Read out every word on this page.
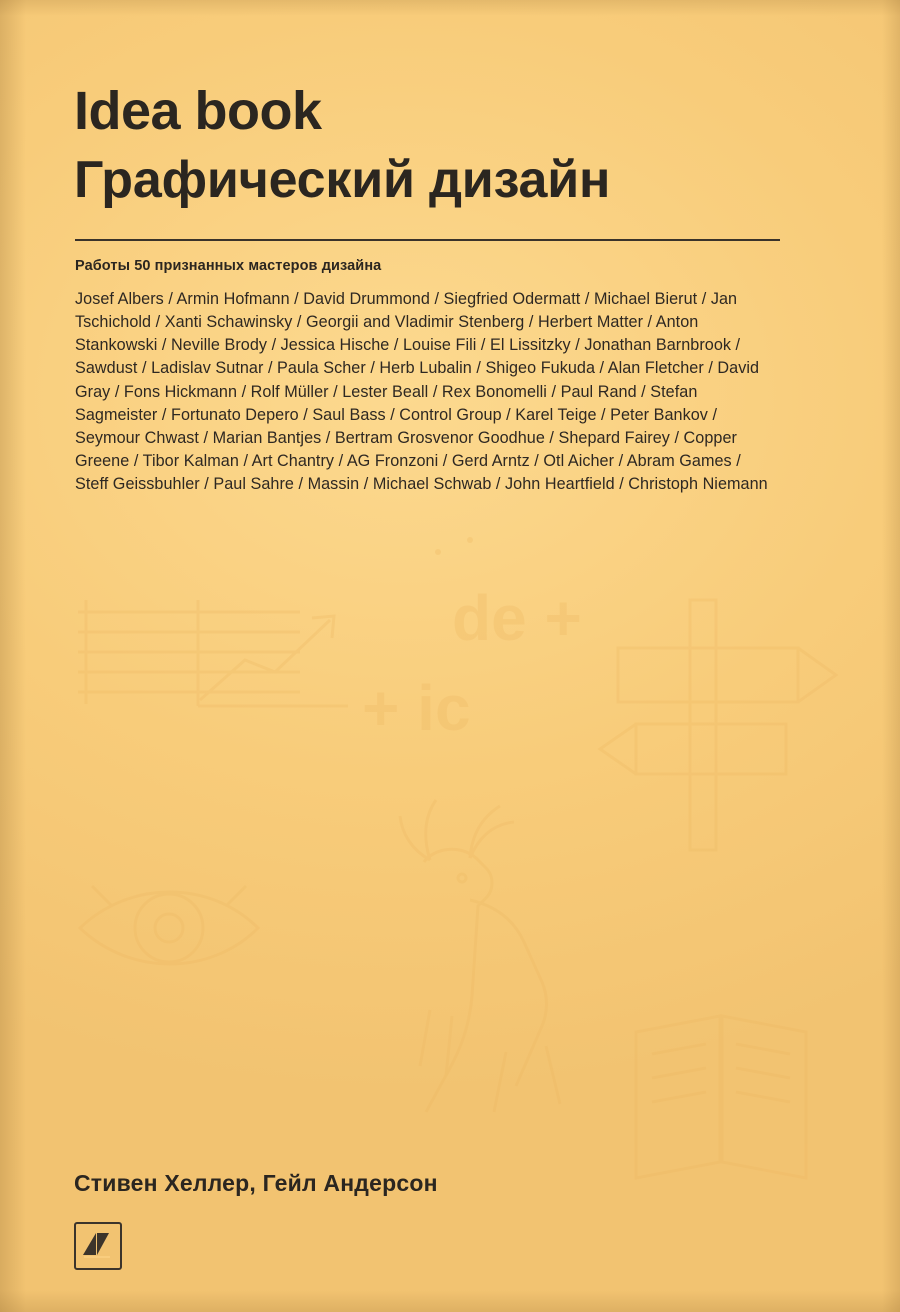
de +
+ ic
Idea book
Графический дизайн
Работы 50 признанных мастеров дизайна
Josef Albers / Armin Hofmann / David Drummond / Siegfried Odermatt / Michael Bierut / Jan Tschichold / Xanti Schawinsky / Georgii and Vladimir Stenberg / Herbert Matter / Anton Stankowski / Neville Brody / Jessica Hische / Louise Fili / El Lissitzky / Jonathan Barnbrook / Sawdust / Ladislav Sutnar / Paula Scher / Herb Lubalin / Shigeo Fukuda / Alan Fletcher / David Gray / Fons Hickmann / Rolf Müller / Lester Beall / Rex Bonomelli / Paul Rand / Stefan Sagmeister / Fortunato Depero / Saul Bass / Control Group / Karel Teige / Peter Bankov / Seymour Chwast / Marian Bantjes / Bertram Grosvenor Goodhue / Shepard Fairey / Copper Greene / Tibor Kalman / Art Chantry / AG Fronzoni / Gerd Arntz / Otl Aicher / Abram Games / Steff Geissbuhler / Paul Sahre / Massin / Michael Schwab / John Heartfield / Christoph Niemann
Стивен Хеллер, Гейл Андерсон
